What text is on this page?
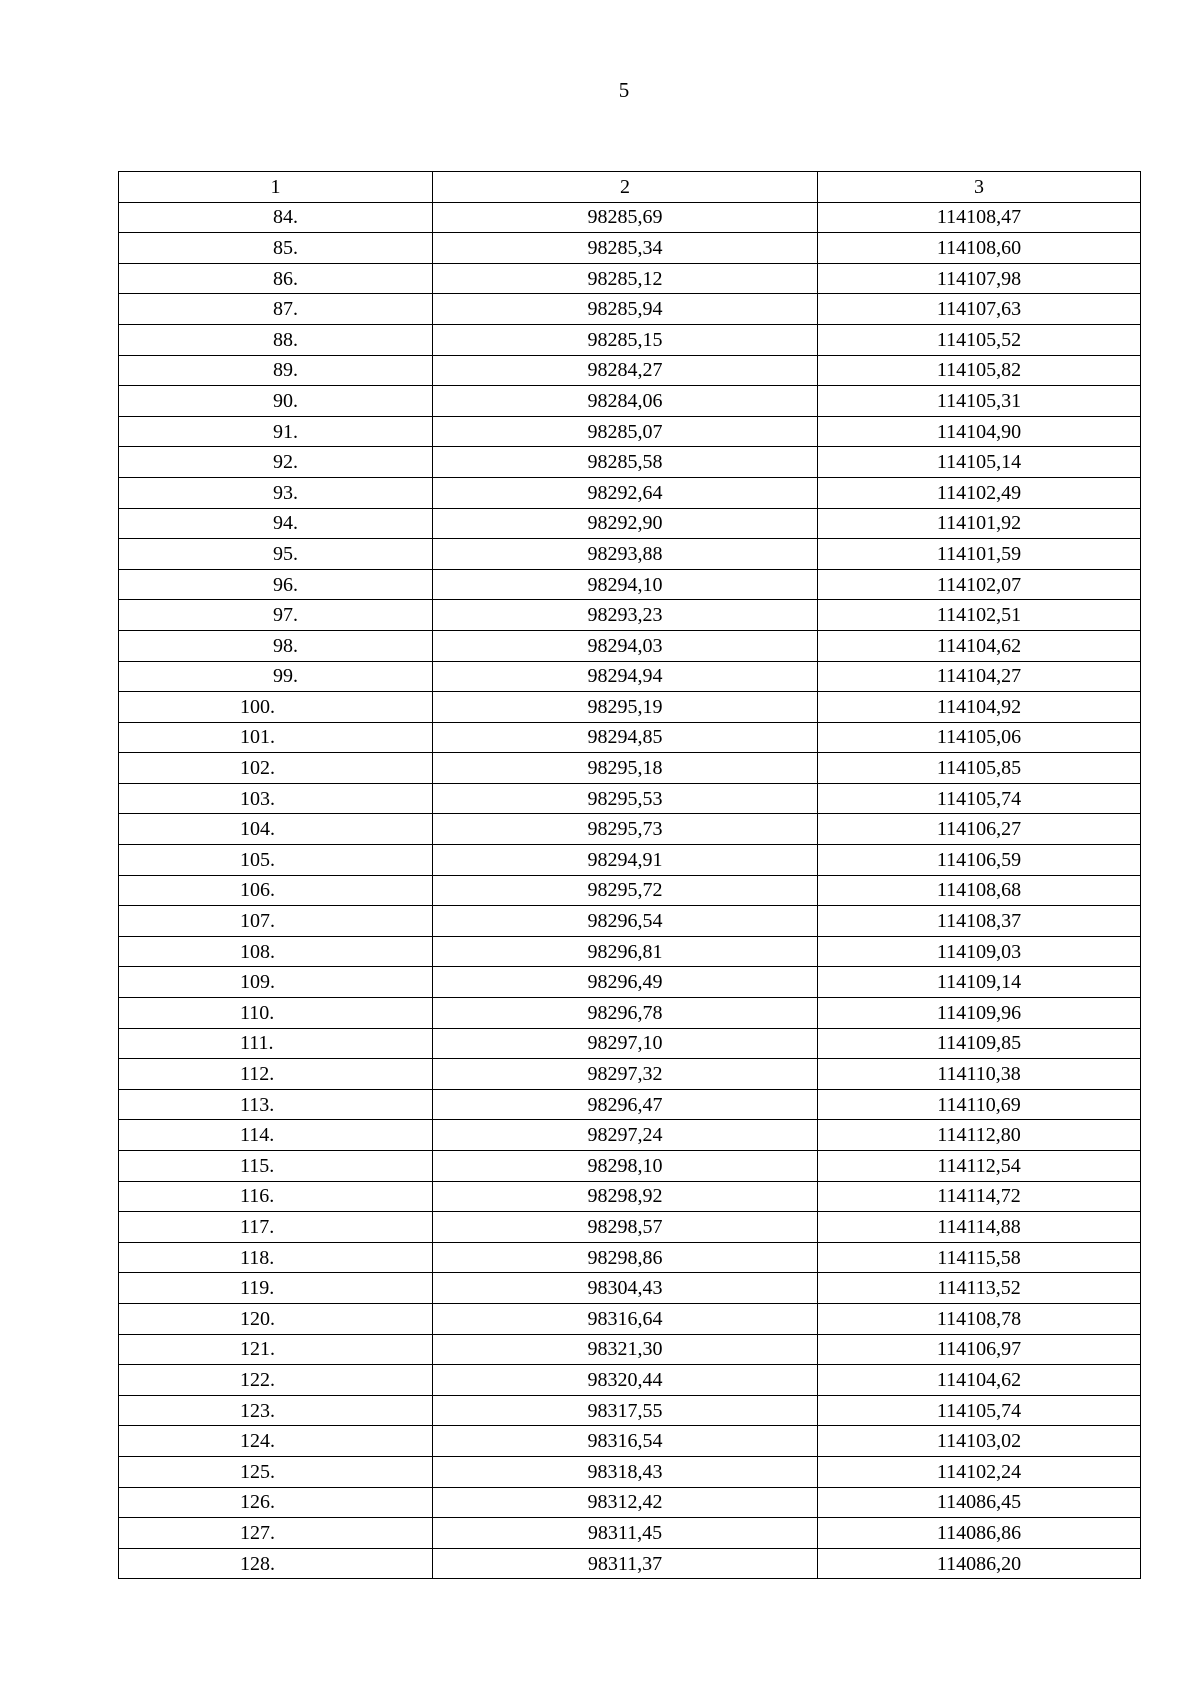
5
1	2	3
84.	98285,69	114108,47
85.	98285,34	114108,60
86.	98285,12	114107,98
87.	98285,94	114107,63
88.	98285,15	114105,52
89.	98284,27	114105,82
90.	98284,06	114105,31
91.	98285,07	114104,90
92.	98285,58	114105,14
93.	98292,64	114102,49
94.	98292,90	114101,92
95.	98293,88	114101,59
96.	98294,10	114102,07
97.	98293,23	114102,51
98.	98294,03	114104,62
99.	98294,94	114104,27
100.	98295,19	114104,92
101.	98294,85	114105,06
102.	98295,18	114105,85
103.	98295,53	114105,74
104.	98295,73	114106,27
105.	98294,91	114106,59
106.	98295,72	114108,68
107.	98296,54	114108,37
108.	98296,81	114109,03
109.	98296,49	114109,14
110.	98296,78	114109,96
111.	98297,10	114109,85
112.	98297,32	114110,38
113.	98296,47	114110,69
114.	98297,24	114112,80
115.	98298,10	114112,54
116.	98298,92	114114,72
117.	98298,57	114114,88
118.	98298,86	114115,58
119.	98304,43	114113,52
120.	98316,64	114108,78
121.	98321,30	114106,97
122.	98320,44	114104,62
123.	98317,55	114105,74
124.	98316,54	114103,02
125.	98318,43	114102,24
126.	98312,42	114086,45
127.	98311,45	114086,86
128.	98311,37	114086,20
